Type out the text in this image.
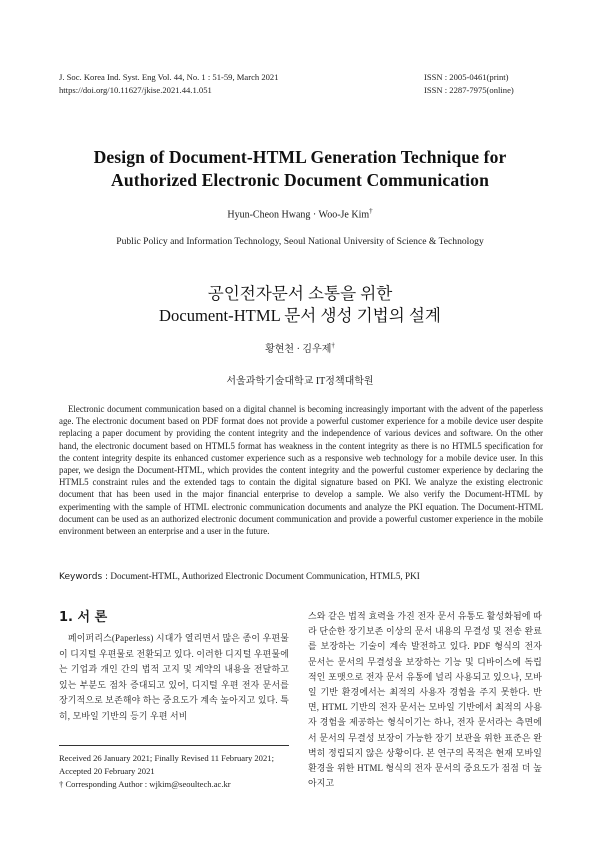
J. Soc. Korea Ind. Syst. Eng Vol. 44, No. 1 : 51-59, March 2021
https://doi.org/10.11627/jkise.2021.44.1.051
ISSN : 2005-0461(print)
ISSN : 2287-7975(online)
Design of Document-HTML Generation Technique for
Authorized Electronic Document Communication
Hyun-Cheon Hwang · Woo-Je Kim†
Public Policy and Information Technology, Seoul National University of Science & Technology
공인전자문서 소통을 위한
Document-HTML 문서 생성 기법의 설계
황현천 · 김우제†
서울과학기술대학교 IT정책대학원
Electronic document communication based on a digital channel is becoming increasingly important with the advent of the paperless age. The electronic document based on PDF format does not provide a powerful customer experience for a mobile device user despite replacing a paper document by providing the content integrity and the independence of various devices and software. On the other hand, the electronic document based on HTML5 format has weakness in the content integrity as there is no HTML5 specification for the content integrity despite its enhanced customer experience such as a responsive web technology for a mobile device user. In this paper, we design the Document-HTML, which provides the content integrity and the powerful customer experience by declaring the HTML5 constraint rules and the extended tags to contain the digital signature based on PKI. We analyze the existing electronic document that has been used in the major financial enterprise to develop a sample. We also verify the Document-HTML by experimenting with the sample of HTML electronic communication documents and analyze the PKI equation. The Document-HTML document can be used as an authorized electronic document communication and provide a powerful customer experience in the mobile environment between an enterprise and a user in the future.
Keywords : Document-HTML, Authorized Electronic Document Communication, HTML5, PKI
1. 서 론
페이퍼리스(Paperless) 시대가 열리면서 많은 종이 우편물이 디지털 우편물로 전환되고 있다. 이러한 디지털 우편물에는 기업과 개인 간의 법적 고지 및 계약의 내용을 전달하고 있는 부분도 점차 증대되고 있어, 디지털 우편 전자 문서를 장기적으로 보존해야 하는 중요도가 계속 높아지고 있다. 특히, 모바일 기반의 등기 우편 서비
Received 26 January 2021; Finally Revised 11 February 2021; Accepted 20 February 2021
† Corresponding Author : wjkim@seoultech.ac.kr
스와 같은 법적 효력을 가진 전자 문서 유통도 활성화됨에 따라 단순한 장기보존 이상의 문서 내용의 무결성 및 전송 완료를 보장하는 기술이 계속 발전하고 있다. PDF 형식의 전자 문서는 문서의 무결성을 보장하는 기능 및 디바이스에 독립적인 포맷으로 전자 문서 유통에 널리 사용되고 있으나, 모바일 기반 환경에서는 최적의 사용자 경험을 주지 못한다. 반면, HTML 기반의 전자 문서는 모바일 기반에서 최적의 사용자 경험을 제공하는 형식이기는 하나, 전자 문서라는 측면에서 문서의 무결성 보장이 가능한 장기 보관을 위한 표준은 완벽히 정립되지 않은 상황이다. 본 연구의 목적은 현재 모바일 환경을 위한 HTML 형식의 전자 문서의 중요도가 점점 더 높아지고
